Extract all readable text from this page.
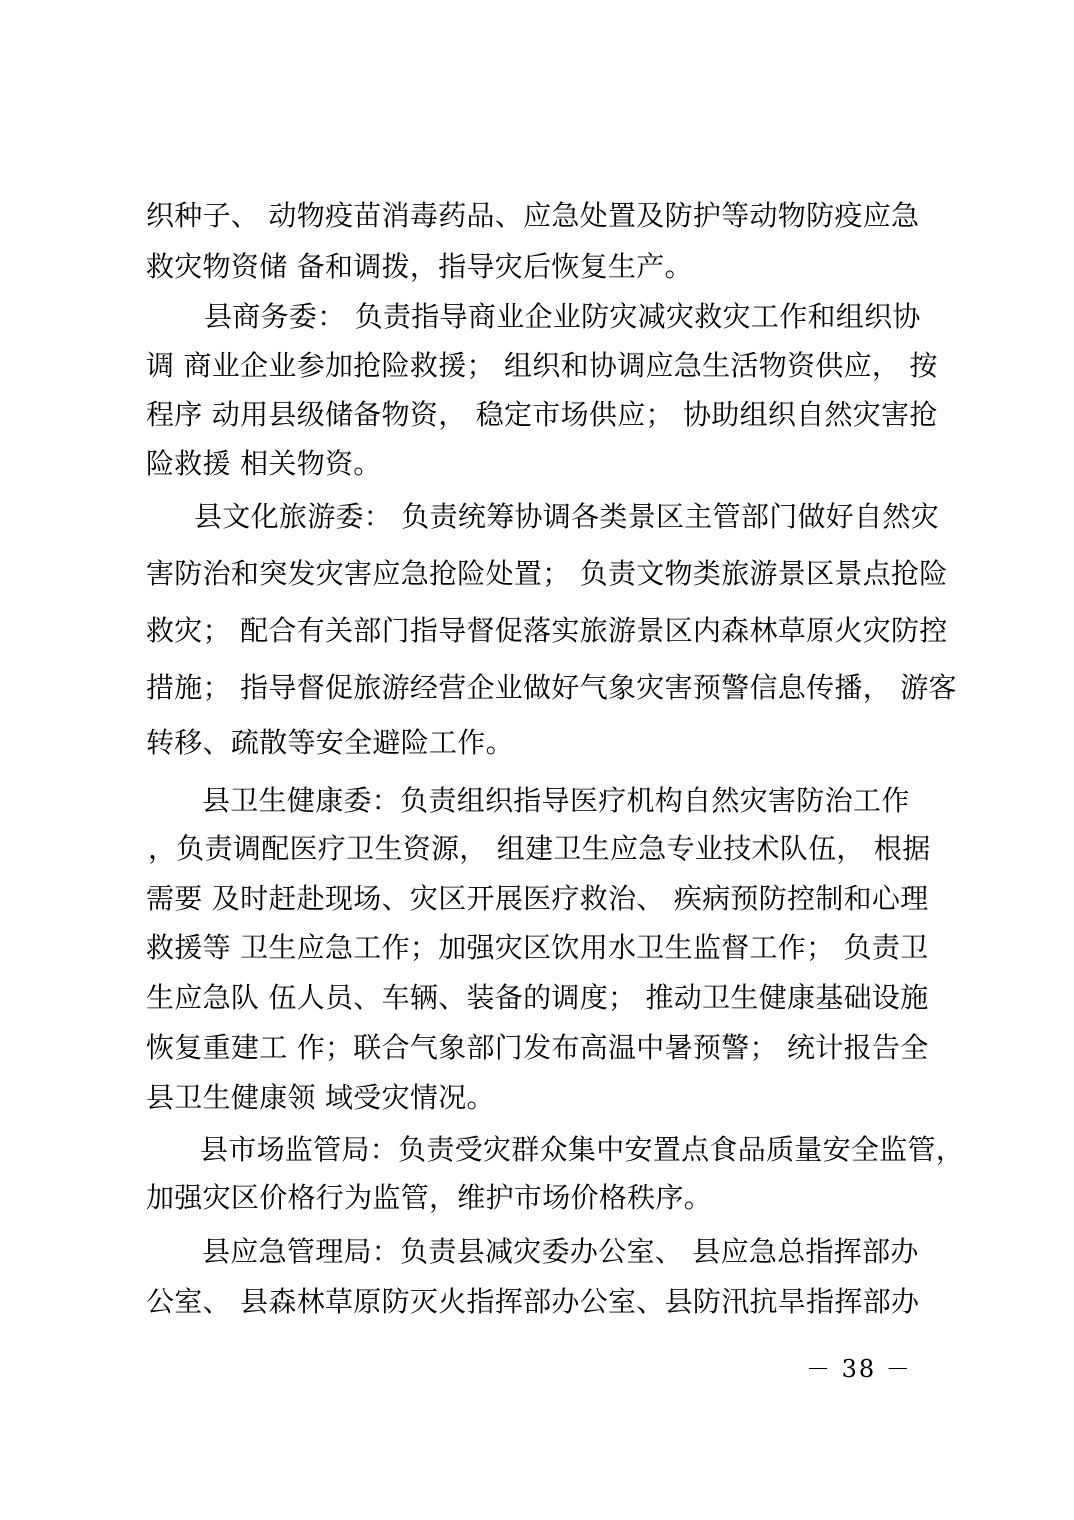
织种子、 动物疫苗消毒药品、应急处置及防护等动物防疫应急
救灾物资储 备和调拨，指导灾后恢复生产。
县商务委： 负责指导商业企业防灾减灾救灾工作和组织协
调 商业企业参加抢险救援； 组织和协调应急生活物资供应， 按
程序 动用县级储备物资， 稳定市场供应； 协助组织自然灾害抢
险救援 相关物资。
县文化旅游委： 负责统筹协调各类景区主管部门做好自然灾
害防治和突发灾害应急抢险处置； 负责文物类旅游景区景点抢险
救灾； 配合有关部门指导督促落实旅游景区内森林草原火灾防控
措施； 指导督促旅游经营企业做好气象灾害预警信息传播， 游客
转移、疏散等安全避险工作。
县卫生健康委：负责组织指导医疗机构自然灾害防治工作
，负责调配医疗卫生资源， 组建卫生应急专业技术队伍， 根据
需要 及时赶赴现场、灾区开展医疗救治、 疾病预防控制和心理
救援等 卫生应急工作；加强灾区饮用水卫生监督工作； 负责卫
生应急队 伍人员、车辆、装备的调度； 推动卫生健康基础设施
恢复重建工 作；联合气象部门发布高温中暑预警； 统计报告全
县卫生健康领 域受灾情况。
县市场监管局：负责受灾群众集中安置点食品质量安全监管，
加强灾区价格行为监管，维护市场价格秩序。
县应急管理局：负责县减灾委办公室、 县应急总指挥部办
公室、 县森林草原防灭火指挥部办公室、县防汛抗旱指挥部办
－ 38 －
